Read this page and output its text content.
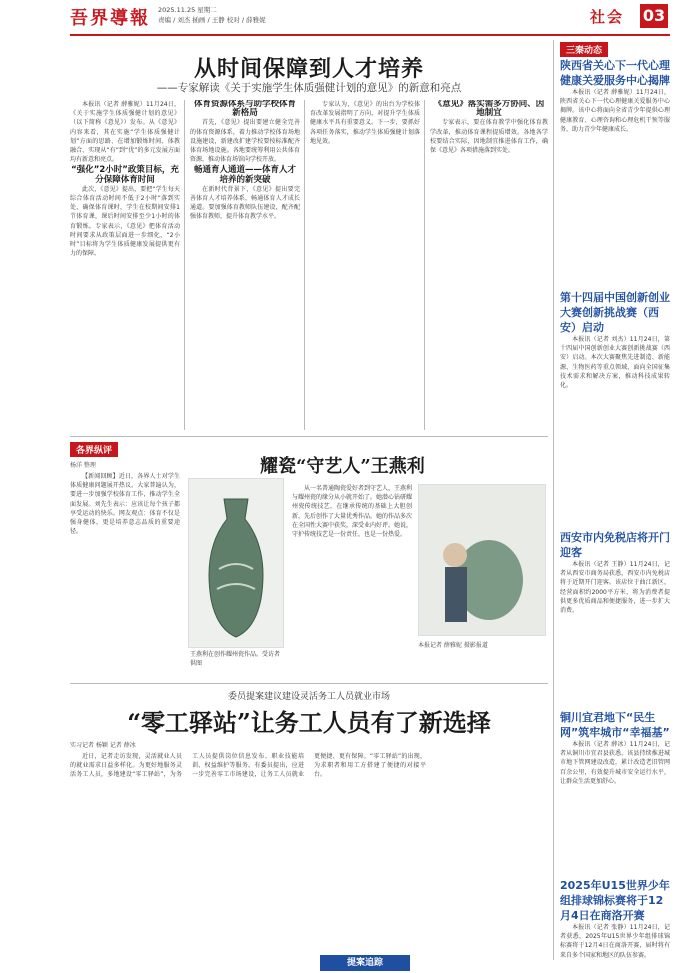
吾界導報 2025.11.25 星期二
责编 / 刘杰 插画 / 王静 校对 / 薛雅妮	社会 03
从时间保障到人才培养
——专家解读《关于实施学生体质强健计划的意见》的新意和亮点

本报讯（记者 薛雅妮）11月24日，《关于实施学生体质强健计划的意见》（以下简称《意见》）发布。从《意见》内容来看，其在实施“学生体质强健计划”方面的思路、在增加锻炼时间、体教融合、实现从“有”到“优”的多元发展方面均有新意和亮点。

“强化”2小时”政策目标，充分保障体育时间

此次，《意见》提出，要把“学生每天综合体育活动时间不低于2小时”落到实处，确保体育课时，学生在校期间安排1节体育课，课后时间安排至少1小时的体育锻炼。专家表示，《意见》把体育活动时间要求从政策层面进一步细化，“2小时”目标将为学生体质健康发展提供更有力的保障。

体育资源体系与助学校体育新格局

首先，《意见》提出要建立健全完善的体育资源体系，着力推动学校体育场地设施建设，新建改扩建学校要按标准配齐体育场地设施。各地要统筹利用公共体育资源，推动体育场馆向学校开放。

畅通育人通道——体育人才培养的新突破

在新时代背景下，《意见》提出要完善体育人才培养体系，畅通体育人才成长通道。要加强体育教师队伍建设，配齐配强体育教师，提升体育教学水平。

专家认为，《意见》的出台为学校体育改革发展指明了方向，对提升学生体质健康水平具有重要意义。下一步，要抓好各项任务落实，推动学生体质强健计划落地见效。

《意见》落实需多方协同、因地制宜

专家表示，要在体育教学中强化体育教学改革，推动体育课程提质增效。各地各学校要结合实际，因地制宜推进体育工作，确保《意见》各项措施落到实处。

各界纵评
杨洋 整理

【新闻回顾】近日，各界人士对学生体质健康问题展开热议。大家普遍认为，要进一步加强学校体育工作，推动学生全面发展。刘先生表示：应该让每个孩子都享受运动的快乐。网友观点：体育不仅是强身健体，更是培养意志品质的重要途径。

耀瓷“守艺人”王燕利
王燕利在创作耀州瓷作品。受访者供图

从一名普通陶瓷爱好者到守艺人，王燕利与耀州瓷的缘分从小就开始了。她潜心钻研耀州瓷传统技艺，在继承传统的基础上大胆创新，先后创作了大量优秀作品。她的作品多次在全国性大赛中获奖，深受业内好评。她说，守护传统技艺是一份责任，也是一份热爱。

本报记者 薛雅妮 摄影报道
委员提案建议建设灵活务工人员就业市场
“零工驿站”让务工人员有了新选择
实习记者 杨颖 记者 薛冰

近日，记者走访发现，灵活就业人员的就业需求日益多样化。为更好地服务灵活务工人员，多地建设“零工驿站”，为务工人员提供岗位信息发布、职业技能培训、权益维护等服务。有委员提出，应进一步完善零工市场建设，让务工人员就业更便捷、更有保障。“零工驿站”的出现，为求职者和用工方搭建了便捷的对接平台。

提案追踪
三秦动态
陕西省关心下一代心理健康关爱服务中心揭牌

本报讯（记者 薛雅妮）11月24日，陕西省关心下一代心理健康关爱服务中心揭牌。该中心将面向全省青少年提供心理健康教育、心理咨询和心理危机干预等服务，助力青少年健康成长。

第十四届中国创新创业大赛创新挑战赛（西安）启动

本报讯（记者 刘杰）11月24日，第十四届中国创新创业大赛创新挑战赛（西安）启动。本次大赛聚焦先进制造、新能源、生物医药等重点领域，面向全国征集技术需求和解决方案，推动科技成果转化。

西安市内免税店将开门迎客

本报讯（记者 王静）11月24日，记者从西安市商务局获悉，西安市内免税店将于近期开门迎客。该店位于曲江新区，经营面积约2000平方米，将为消费者提供更多优质商品和便捷服务，进一步扩大消费。

铜川宜君地下“民生网”筑牢城市“幸福基”

本报讯（记者 薛冰）11月24日，记者从铜川市宜君县获悉，该县持续推进城市地下管网建设改造，累计改造老旧管网百余公里，有效提升城市安全运行水平，让群众生活更加舒心。

2025年U15世界少年组排球锦标赛将于12月4日在商洛开赛

本报讯（记者 张静）11月24日，记者获悉，2025年U15世界少年组排球锦标赛将于12月4日在商洛开赛，届时将有来自多个国家和地区的队伍参赛。
